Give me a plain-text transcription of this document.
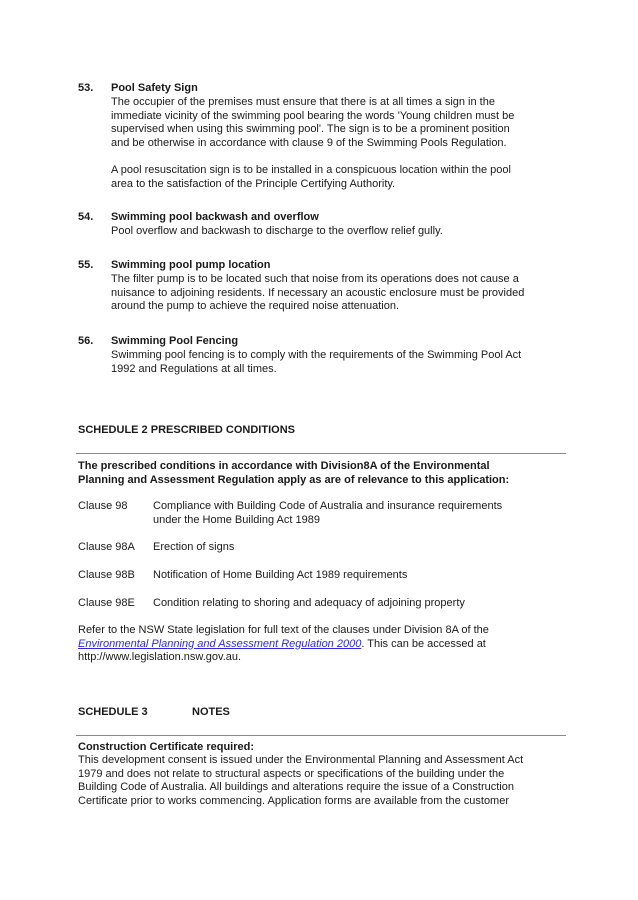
53. Pool Safety Sign
The occupier of the premises must ensure that there is at all times a sign in the
immediate vicinity of the swimming pool bearing the words 'Young children must be
supervised when using this swimming pool'. The sign is to be a prominent position
and be otherwise in accordance with clause 9 of the Swimming Pools Regulation.
A pool resuscitation sign is to be installed in a conspicuous location within the pool
area to the satisfaction of the Principle Certifying Authority.
54. Swimming pool backwash and overflow
Pool overflow and backwash to discharge to the overflow relief gully.
55. Swimming pool pump location
The filter pump is to be located such that noise from its operations does not cause a
nuisance to adjoining residents. If necessary an acoustic enclosure must be provided
around the pump to achieve the required noise attenuation.
56. Swimming Pool Fencing
Swimming pool fencing is to comply with the requirements of the Swimming Pool Act
1992 and Regulations at all times.
SCHEDULE 2 PRESCRIBED CONDITIONS
The prescribed conditions in accordance with Division8A of the Environmental
Planning and Assessment Regulation apply as are of relevance to this application:
Clause 98 Compliance with Building Code of Australia and insurance requirements
under the Home Building Act 1989
Clause 98A Erection of signs
Clause 98B Notification of Home Building Act 1989 requirements
Clause 98E Condition relating to shoring and adequacy of adjoining property
Refer to the NSW State legislation for full text of the clauses under Division 8A of the
Environmental Planning and Assessment Regulation 2000. This can be accessed at
http://www.legislation.nsw.gov.au.
SCHEDULE 3	NOTES
Construction Certificate required:
This development consent is issued under the Environmental Planning and Assessment Act
1979 and does not relate to structural aspects or specifications of the building under the
Building Code of Australia. All buildings and alterations require the issue of a Construction
Certificate prior to works commencing. Application forms are available from the customer
